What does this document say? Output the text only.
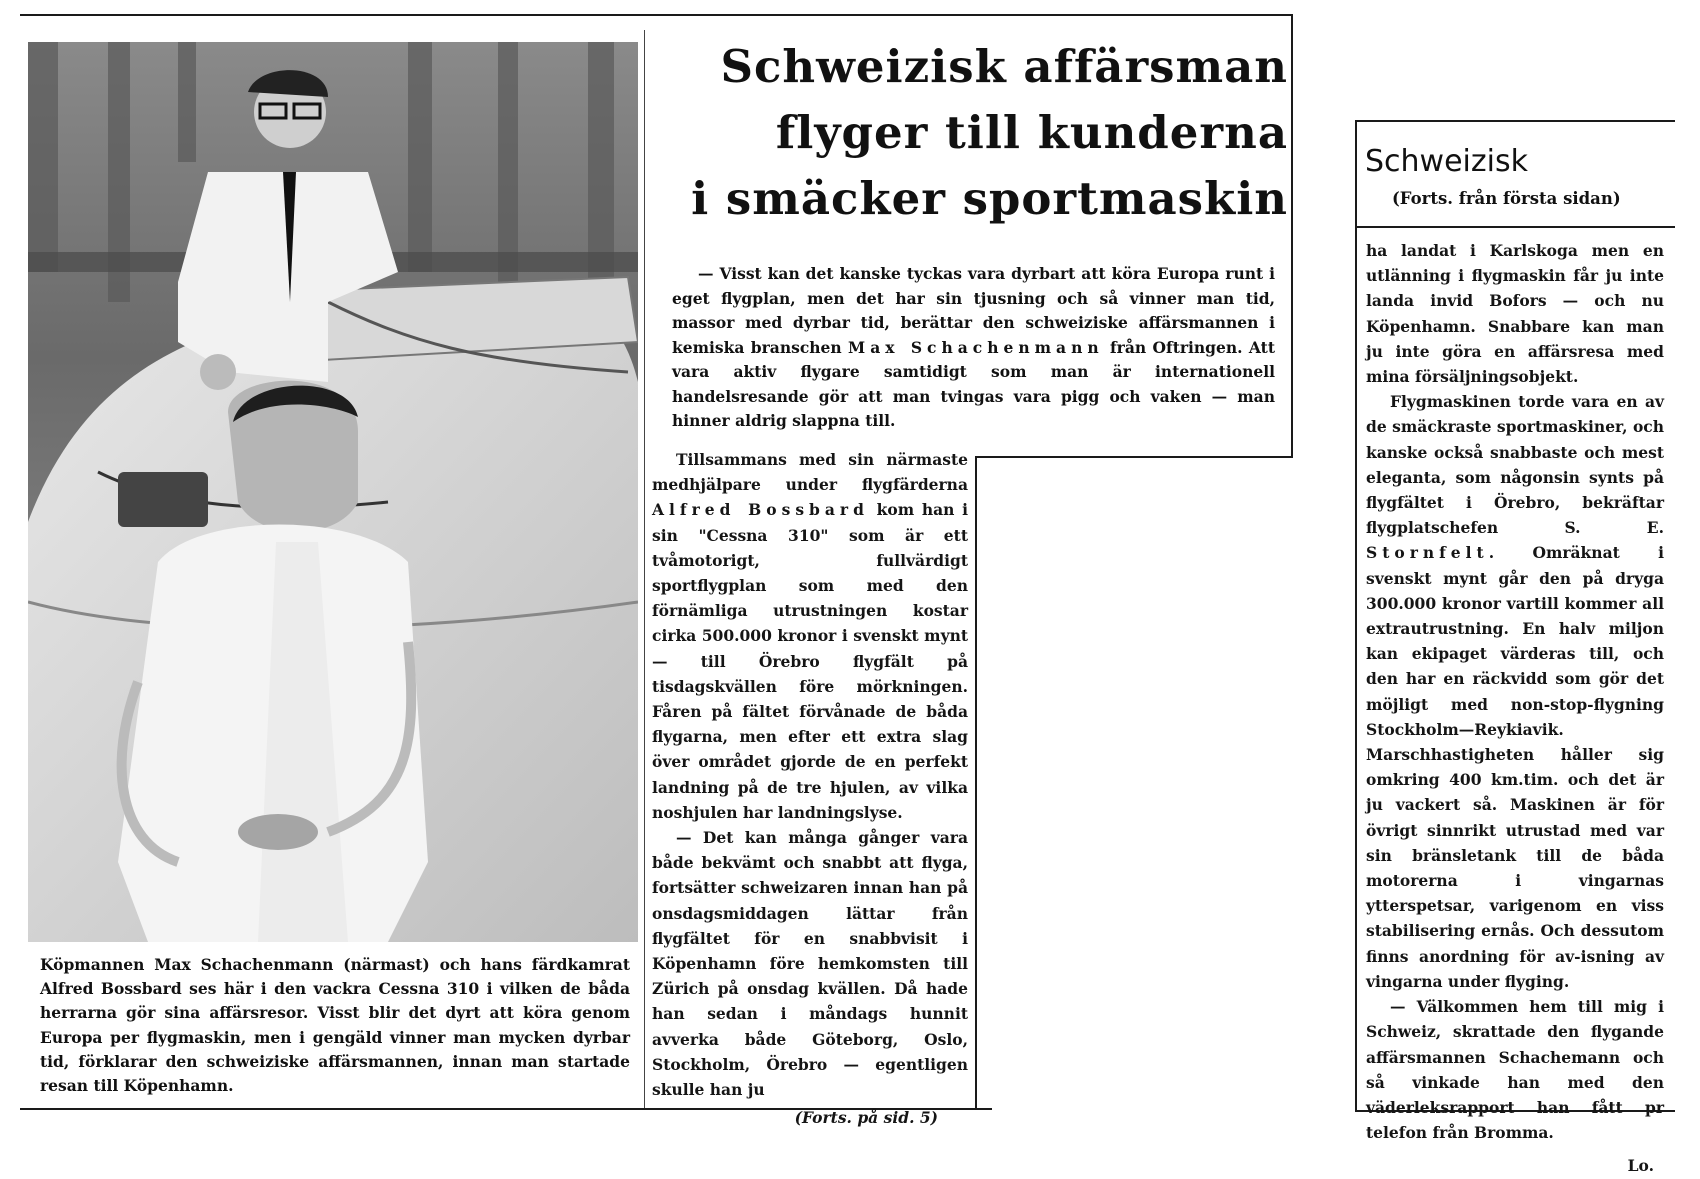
Köpmannen Max Schachenmann (närmast) och hans färdkamrat Alfred Bossbard ses här i den vackra Cessna 310 i vilken de båda herrarna gör sina affärsresor. Visst blir det dyrt att köra genom Europa per flygmaskin, men i gengäld vinner man mycken dyrbar tid, förklarar den schweiziske affärsmannen, innan man startade resan till Köpenhamn.
Schweizisk affärsman
flyger till kunderna
i smäcker sportmaskin

— Visst kan det kanske tyckas vara dyrbart att köra Europa runt i eget flygplan, men det har sin tjusning och så vinner man tid, massor med dyrbar tid, berättar den schweiziske affärsmannen i kemiska branschen Max Schachenmann från Oftringen. Att vara aktiv flygare samtidigt som man är internationell handelsresande gör att man tvingas vara pigg och vaken — man hinner aldrig slappna till.

Tillsammans med sin närmaste medhjälpare under flygfärderna Alfred Bossbard kom han i sin "Cessna 310" som är ett tvåmotorigt, fullvärdigt sportflygplan som med den förnämliga utrustningen kostar cirka 500.000 kronor i svenskt mynt — till Örebro flygfält på tisdagskvällen före mörkningen. Fåren på fältet förvånade de båda flygarna, men efter ett extra slag över området gjorde de en perfekt landning på de tre hjulen, av vilka noshjulen har landningslyse.

— Det kan många gånger vara både bekvämt och snabbt att flyga, fortsätter schweizaren innan han på onsdagsmiddagen lättar från flygfältet för en snabbvisit i Köpenhamn före hemkomsten till Zürich på onsdag kvällen. Då hade han sedan i måndags hunnit avverka både Göteborg, Oslo, Stockholm, Örebro — egentligen skulle han ju

(Forts. på sid. 5)
Schweizisk
(Forts. från första sidan)

ha landat i Karlskoga men en utlänning i flygmaskin får ju inte landa invid Bofors — och nu Köpenhamn. Snabbare kan man ju inte göra en affärsresa med mina försäljningsobjekt.

Flygmaskinen torde vara en av de smäckraste sportmaskiner, och kanske också snabbaste och mest eleganta, som någonsin synts på flygfältet i Örebro, bekräftar flygplatschefen S. E. Stornfelt. Omräknat i svenskt mynt går den på dryga 300.000 kronor vartill kommer all extrautrustning. En halv miljon kan ekipaget värderas till, och den har en räckvidd som gör det möjligt med non-stop-flygning Stockholm—Reykiavik. Marschhastigheten håller sig omkring 400 km.tim. och det är ju vackert så. Maskinen är för övrigt sinnrikt utrustad med var sin bränsletank till de båda motorerna i vingarnas ytterspetsar, varigenom en viss stabilisering ernås. Och dessutom finns anordning för av-isning av vingarna under flyging.

— Välkommen hem till mig i Schweiz, skrattade den flygande affärsmannen Schachemann och så vinkade han med den väderleksrapport han fått pr telefon från Bromma.

Lo.
